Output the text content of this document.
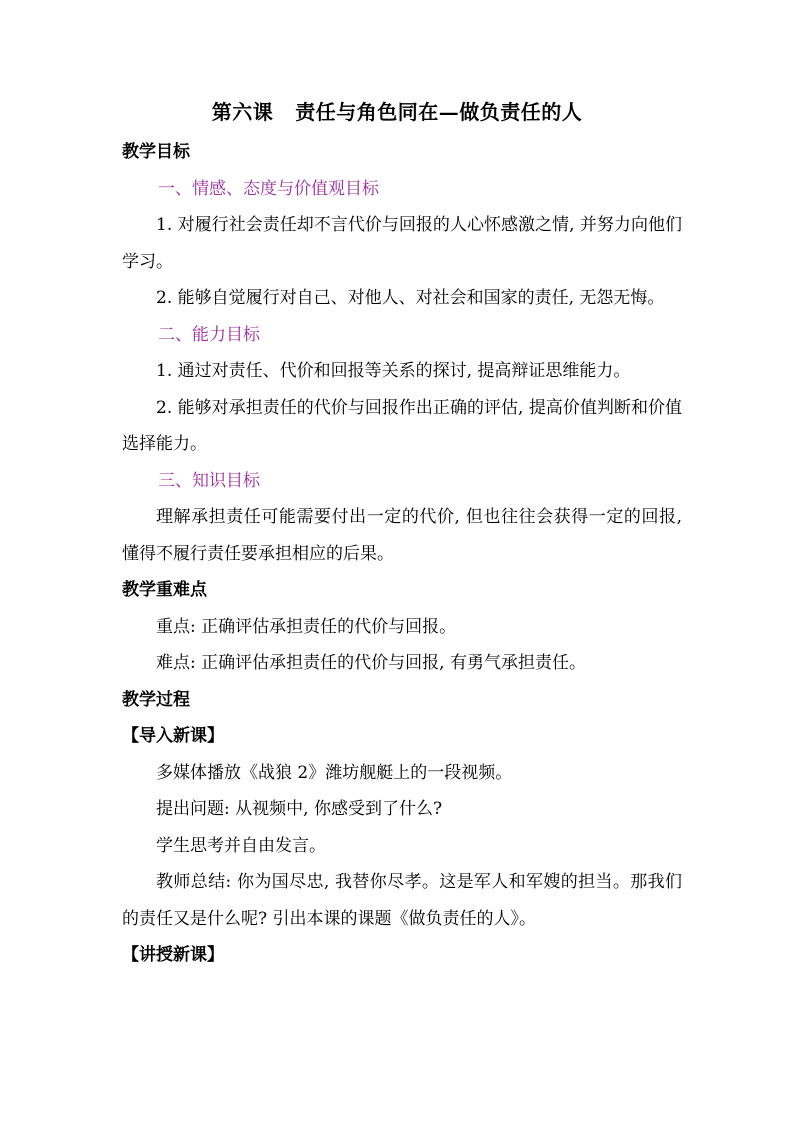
第六课 责任与角色同在—做负责任的人
教学目标
一、情感、态度与价值观目标
1. 对履行社会责任却不言代价与回报的人心怀感激之情, 并努力向他们学习。
2. 能够自觉履行对自己、对他人、对社会和国家的责任, 无怨无悔。
二、能力目标
1. 通过对责任、代价和回报等关系的探讨, 提高辩证思维能力。
2. 能够对承担责任的代价与回报作出正确的评估, 提高价值判断和价值选择能力。
三、知识目标
理解承担责任可能需要付出一定的代价, 但也往往会获得一定的回报, 懂得不履行责任要承担相应的后果。
教学重难点
重点: 正确评估承担责任的代价与回报。
难点: 正确评估承担责任的代价与回报, 有勇气承担责任。
教学过程
【导入新课】
多媒体播放《战狼 2》潍坊舰艇上的一段视频。
提出问题: 从视频中, 你感受到了什么?
学生思考并自由发言。
教师总结: 你为国尽忠, 我替你尽孝。这是军人和军嫂的担当。那我们的责任又是什么呢? 引出本课的课题《做负责任的人》。
【讲授新课】
